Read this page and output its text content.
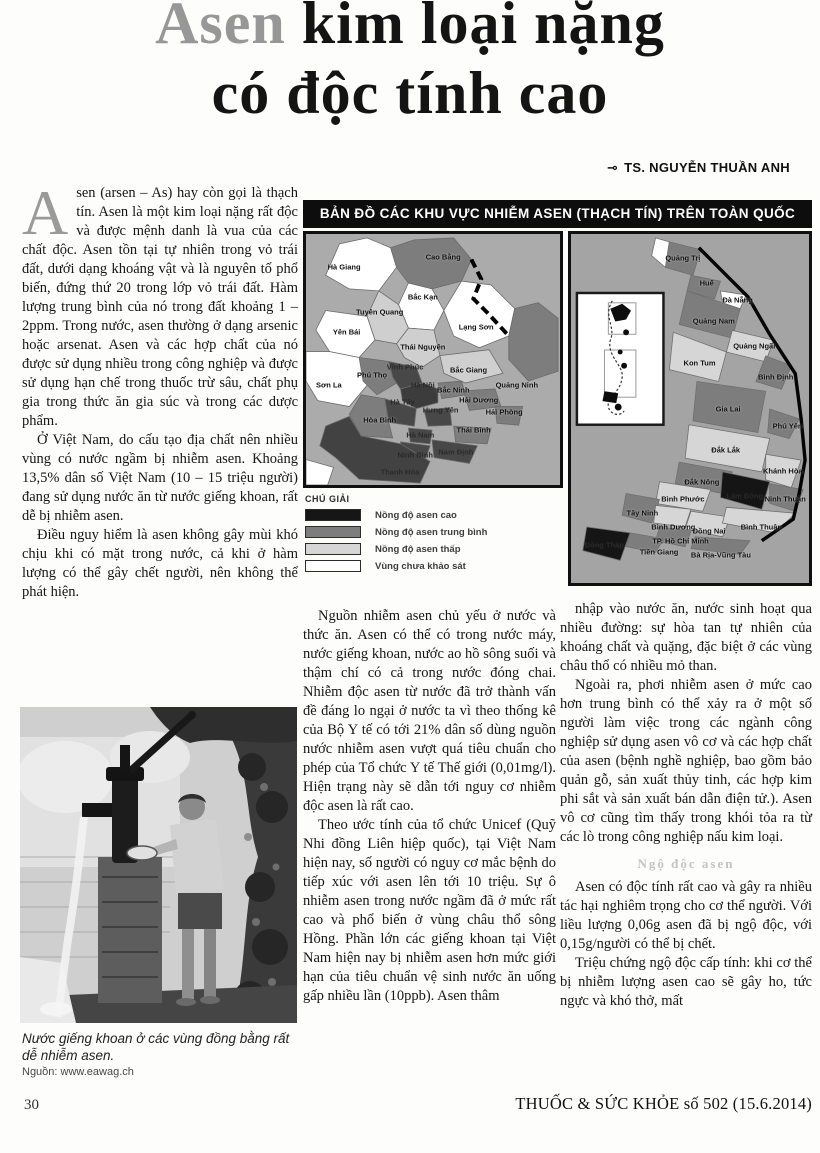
Asen kim loại nặng
có độc tính cao
⊸ TS. NGUYỄN THUẦN ANH

Asen (arsen – As) hay còn gọi là thạch tín. Asen là một kim loại nặng rất độc và được mệnh danh là vua của các chất độc. Asen tồn tại tự nhiên trong vỏ trái đất, dưới dạng khoáng vật và là nguyên tố phổ biến, đứng thứ 20 trong lớp vỏ trái đất. Hàm lượng trung bình của nó trong đất khoảng 1 – 2ppm. Trong nước, asen thường ở dạng arsenic hoặc arsenat. Asen và các hợp chất của nó được sử dụng nhiều trong công nghiệp và được sử dụng hạn chế trong thuốc trừ sâu, chất phụ gia trong thức ăn gia súc và trong các dược phẩm.

Ở Việt Nam, do cấu tạo địa chất nên nhiều vùng có nước ngầm bị nhiễm asen. Khoảng 13,5% dân số Việt Nam (10 – 15 triệu người) đang sử dụng nước ăn từ nước giếng khoan, rất dễ bị nhiễm asen.

Điều nguy hiểm là asen không gây mùi khó chịu khi có mặt trong nước, cả khi ở hàm lượng có thể gây chết người, nên không thể phát hiện.

BẢN ĐỒ CÁC KHU VỰC NHIỄM ASEN (THẠCH TÍN) TRÊN TOÀN QUỐC
Hà Giang
Cao Bằng
Bắc Kạn
Tuyên Quang
Yên Bái
Lạng Sơn
Thái Nguyên
Sơn La
Phú Thọ
Vĩnh Phúc	Bắc Giang
Hà Nội	Quảng Ninh
Bắc Ninh
Hải Dương
Hà Tây
Hưng Yên	Hải Phòng
Hòa Bình
Hà Nam
Thái Bình
Nam Định
Ninh Bình
Thanh Hóa
CHÚ GIẢI
Nồng độ asen cao
Nồng độ asen trung bình
Nồng độ asen thấp
Vùng chưa khảo sát
Quảng Trị
Huế
Đà Nẵng
Quảng Nam
Quảng Ngãi
Kon Tum
Bình Định
Gia Lai
Phú Yên
Đắk Lắk
Khánh Hòa
Đắk Nông
Lâm Đồng Ninh Thuận
Bình Phước
Tây Ninh
Bình Dương
Đồng Nai Bình Thuận
TP. Hồ Chí Minh
Tiền Giang Bà Rịa-Vũng Tàu
Đồng Tháp

Nguồn nhiễm asen chủ yếu ở nước và thức ăn. Asen có thể có trong nước máy, nước giếng khoan, nước ao hồ sông suối và thậm chí có cả trong nước đóng chai. Nhiễm độc asen từ nước đã trở thành vấn đề đáng lo ngại ở nước ta vì theo thống kê của Bộ Y tế có tới 21% dân số dùng nguồn nước nhiễm asen vượt quá tiêu chuẩn cho phép của Tổ chức Y tế Thế giới (0,01mg/l). Hiện trạng này sẽ dẫn tới nguy cơ nhiễm độc asen là rất cao.

Theo ước tính của tổ chức Unicef (Quỹ Nhi đồng Liên hiệp quốc), tại Việt Nam hiện nay, số người có nguy cơ mắc bệnh do tiếp xúc với asen lên tới 10 triệu. Sự ô nhiễm asen trong nước ngầm đã ở mức rất cao và phổ biến ở vùng châu thổ sông Hồng. Phần lớn các giếng khoan tại Việt Nam hiện nay bị nhiễm asen hơn mức giới hạn của tiêu chuẩn vệ sinh nước ăn uống gấp nhiều lần (10ppb). Asen thâm

nhập vào nước ăn, nước sinh hoạt qua nhiều đường: sự hòa tan tự nhiên của khoáng chất và quặng, đặc biệt ở các vùng châu thổ có nhiều mỏ than.

Ngoài ra, phơi nhiễm asen ở mức cao hơn trung bình có thể xảy ra ở một số người làm việc trong các ngành công nghiệp sử dụng asen vô cơ và các hợp chất của asen (bệnh nghề nghiệp, bao gồm bảo quản gỗ, sản xuất thủy tinh, các hợp kim phi sắt và sản xuất bán dẫn điện tử.). Asen vô cơ cũng tìm thấy trong khói tỏa ra từ các lò trong công nghiệp nấu kim loại.

Ngộ độc asen

Asen có độc tính rất cao và gây ra nhiều tác hại nghiêm trọng cho cơ thể người. Với liều lượng 0,06g asen đã bị ngộ độc, với 0,15g/người có thể bị chết.

Triệu chứng ngộ độc cấp tính: khi cơ thể bị nhiễm lượng asen cao sẽ gây ho, tức ngực và khó thở, mất

Nước giếng khoan ở các vùng đồng bằng rất dễ nhiễm asen.
Nguồn: www.eawag.ch
30	THUỐC & SỨC KHỎE số 502 (15.6.2014)
